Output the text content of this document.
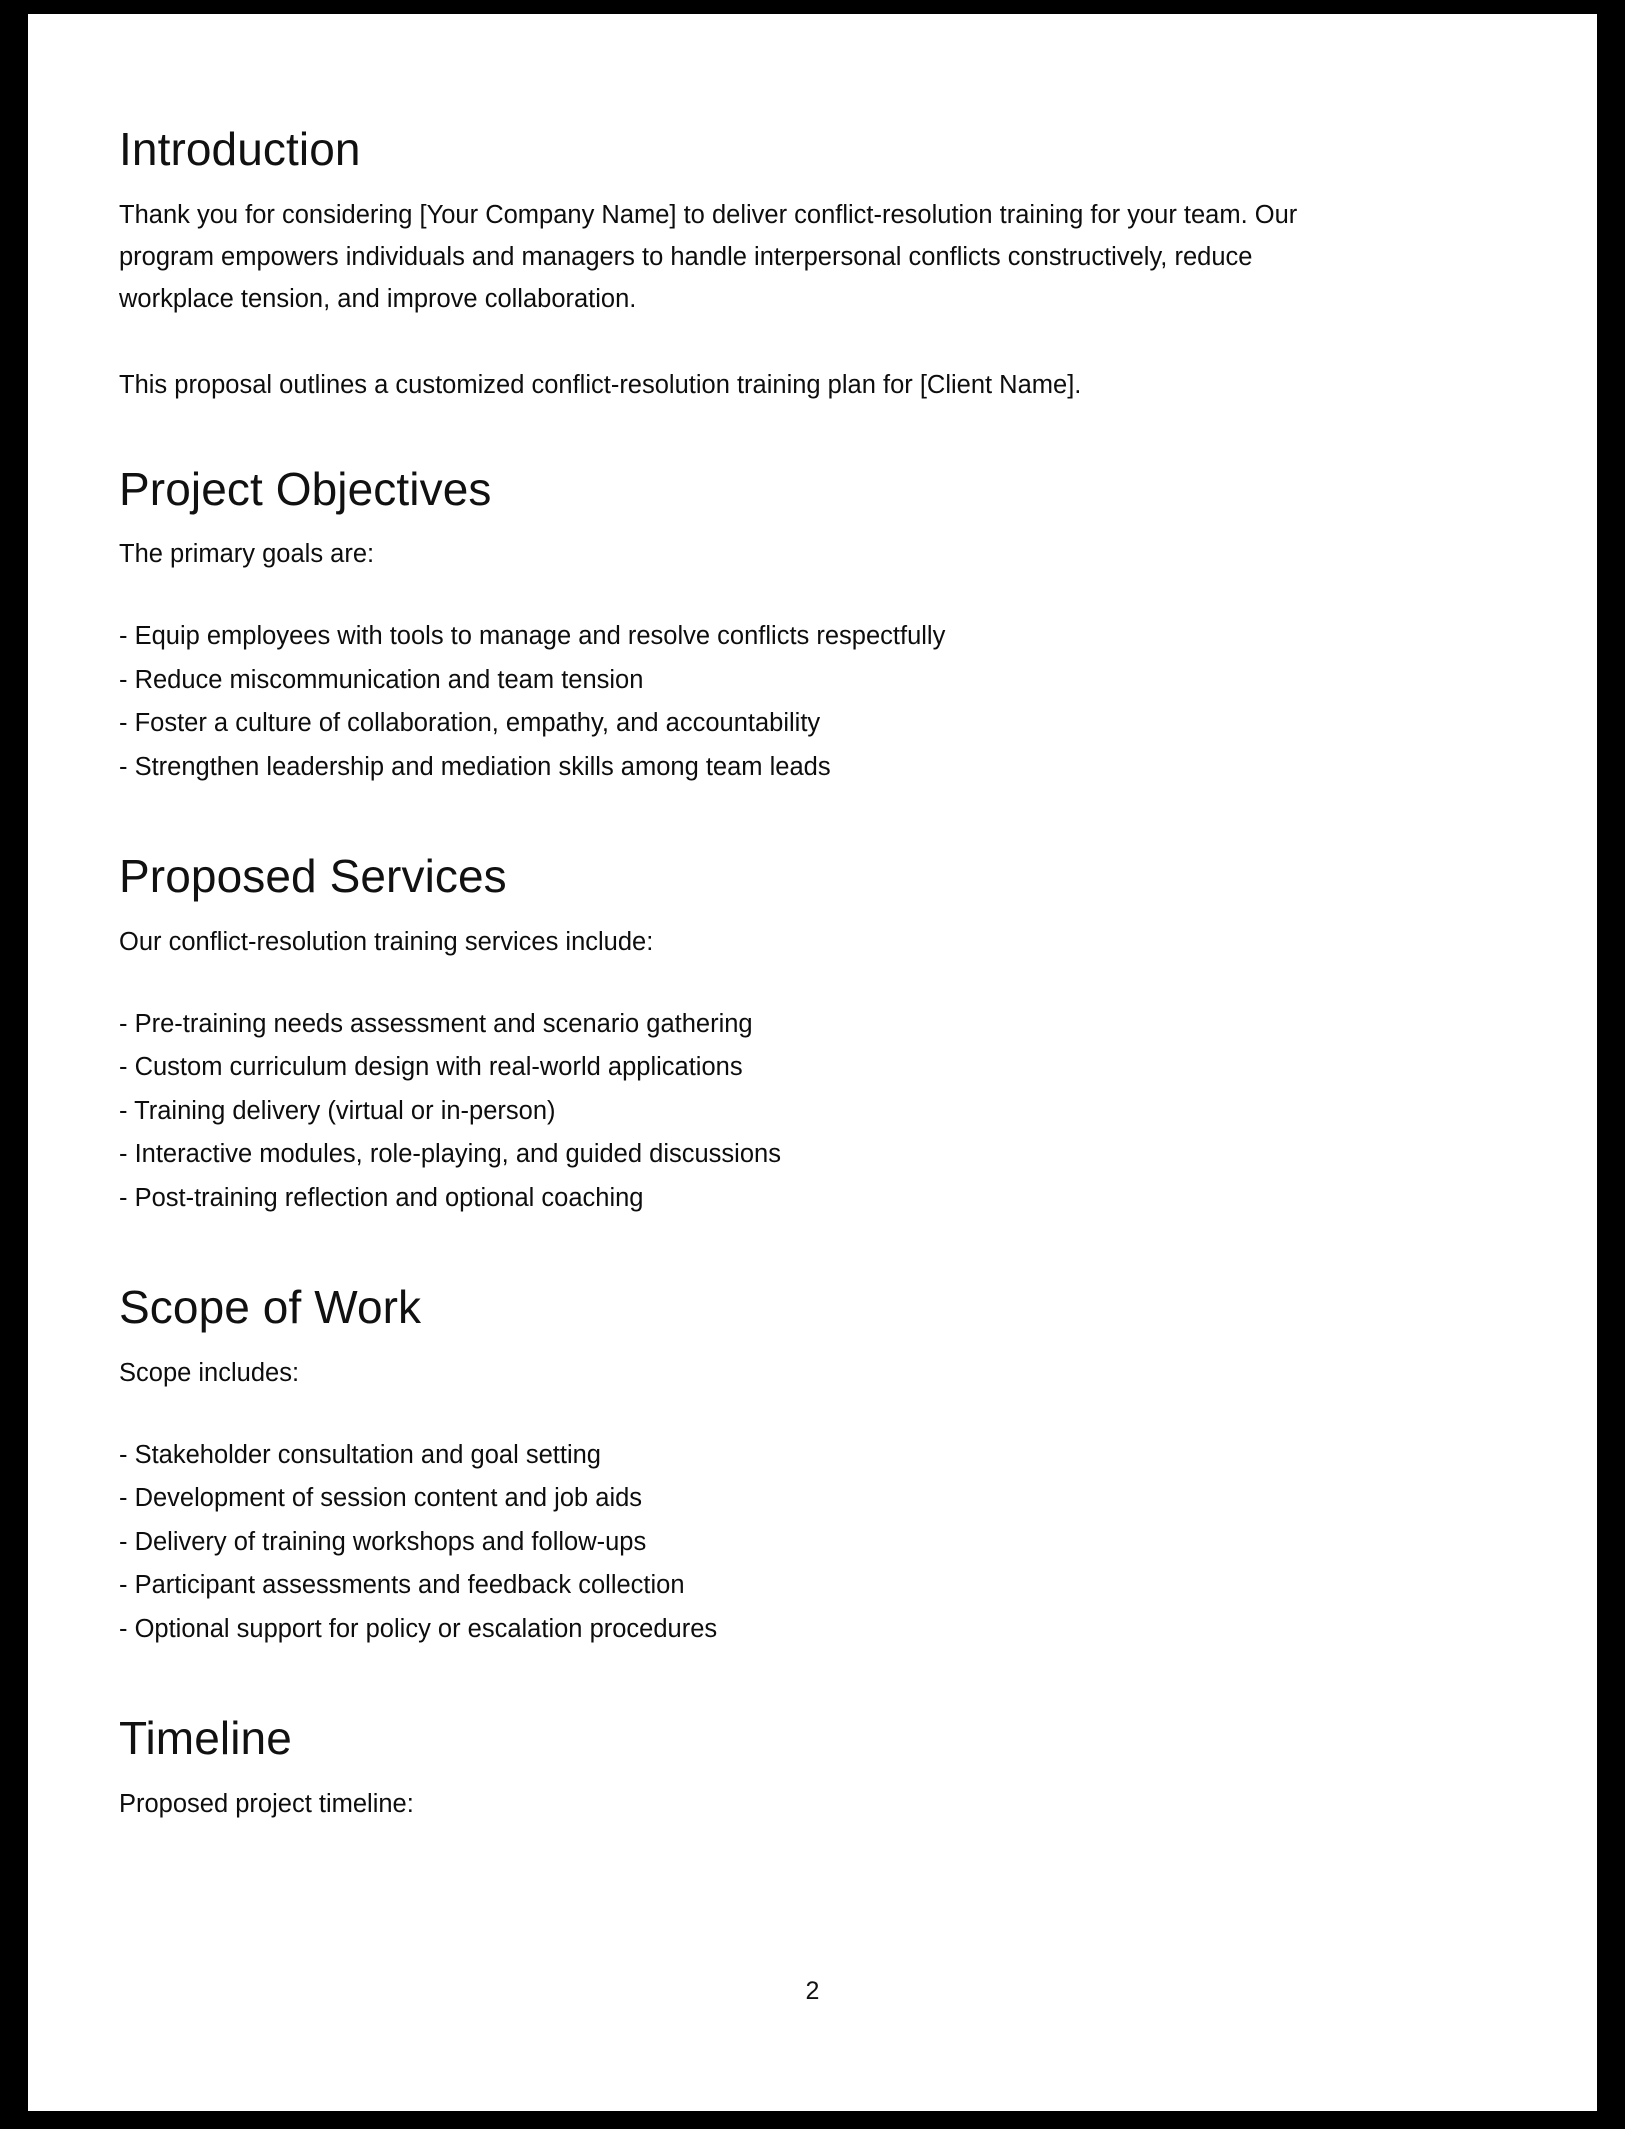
Introduction

Thank you for considering [Your Company Name] to deliver conflict-resolution training for your team. Our program empowers individuals and managers to handle interpersonal conflicts constructively, reduce workplace tension, and improve collaboration.

This proposal outlines a customized conflict-resolution training plan for [Client Name].

Project Objectives

The primary goals are:

- Equip employees with tools to manage and resolve conflicts respectfully
- Reduce miscommunication and team tension
- Foster a culture of collaboration, empathy, and accountability
- Strengthen leadership and mediation skills among team leads
Proposed Services

Our conflict-resolution training services include:

- Pre-training needs assessment and scenario gathering
- Custom curriculum design with real-world applications
- Training delivery (virtual or in-person)
- Interactive modules, role-playing, and guided discussions
- Post-training reflection and optional coaching
Scope of Work

Scope includes:

- Stakeholder consultation and goal setting
- Development of session content and job aids
- Delivery of training workshops and follow-ups
- Participant assessments and feedback collection
- Optional support for policy or escalation procedures
Timeline

Proposed project timeline:

2
